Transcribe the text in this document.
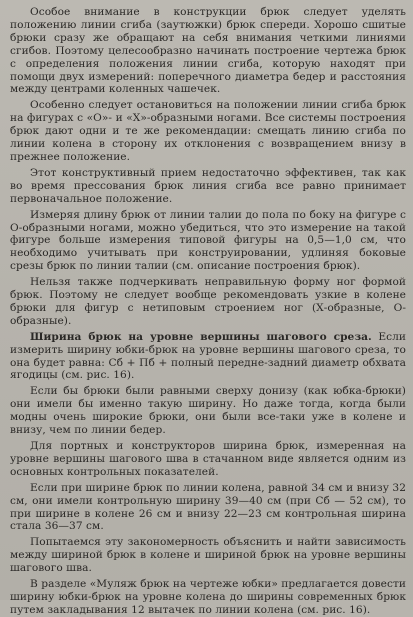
Особое внимание в конструкции брюк следует уделять положению линии сгиба (заутюжки) брюк спереди. Хорошо сшитые брюки сразу же обращают на себя внимания четкими линиями сгибов. Поэтому целесообразно начинать построение чертежа брюк с определения положения линии сгиба, которую находят при помощи двух измерений: поперечного диаметра бедер и расстояния между центрами коленных чашечек.

Особенно следует остановиться на положении линии сгиба брюк на фигурах с «О»- и «Х»-образными ногами. Все системы построения брюк дают одни и те же рекомендации: смещать линию сгиба по линии колена в сторону их отклонения с возвращением внизу в прежнее положение.

Этот конструктивный прием недостаточно эффективен, так как во время прессования брюк линия сгиба все равно принимает первоначальное положение.

Измеряя длину брюк от линии талии до пола по боку на фигуре с О-образными ногами, можно убедиться, что это измерение на такой фигуре больше измерения типовой фигуры на 0,5—1,0 см, что необходимо учитывать при конструировании, удлиняя боковые срезы брюк по линии талии (см. описание построения брюк).

Нельзя также подчеркивать неправильную форму ног формой брюк. Поэтому не следует вообще рекомендовать узкие в колене брюки для фигур с нетиповым строением ног (Х-образные, О-образные).

Ширина брюк на уровне вершины шагового среза. Если измерить ширину юбки-брюк на уровне вершины шагового среза, то она будет равна: Сб + Пб + полный передне-задний диаметр обхвата ягодицы (см. рис. 16).

Если бы брюки были равными сверху донизу (как юбка-брюки) они имели бы именно такую ширину. Но даже тогда, когда были модны очень широкие брюки, они были все-таки уже в колене и внизу, чем по линии бедер.

Для портных и конструкторов ширина брюк, измеренная на уровне вершины шагового шва в стачанном виде является одним из основных контрольных показателей.

Если при ширине брюк по линии колена, равной 34 см и внизу 32 см, они имели контрольную ширину 39—40 см (при Сб — 52 см), то при ширине в колене 26 см и внизу 22—23 см контрольная ширина стала 36—37 см.

Попытаемся эту закономерность объяснить и найти зависимость между шириной брюк в колене и шириной брюк на уровне вершины шагового шва.

В разделе «Муляж брюк на чертеже юбки» предлагается довести ширину юбки-брюк на уровне колена до ширины современных брюк путем закладывания 12 вытачек по линии колена (см. рис. 16).
